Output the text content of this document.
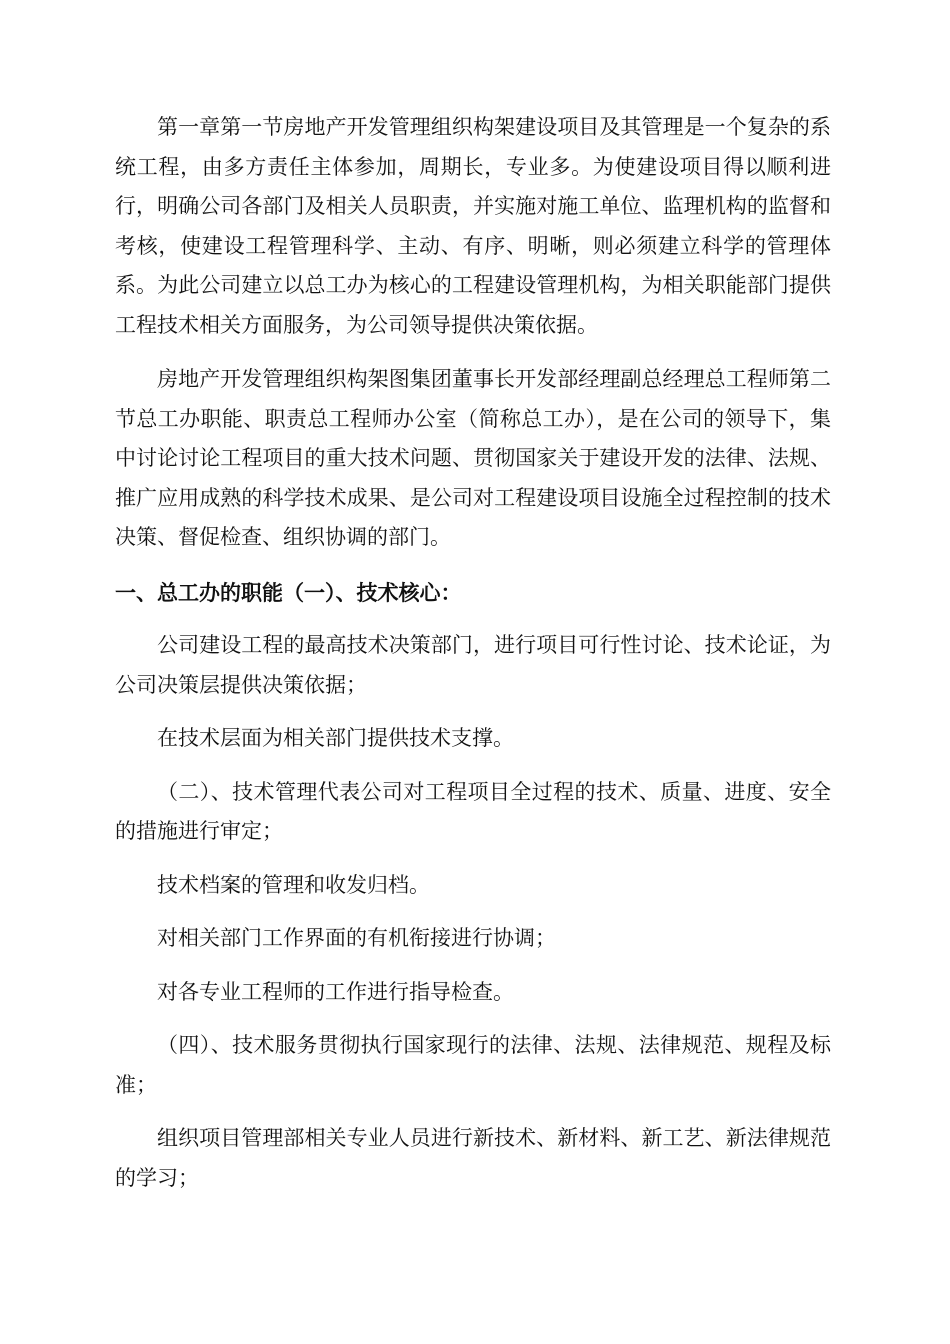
第一章第一节房地产开发管理组织构架建设项目及其管理是一个复杂的系统工程，由多方责任主体参加，周期长，专业多。为使建设项目得以顺利进行，明确公司各部门及相关人员职责，并实施对施工单位、监理机构的监督和考核，使建设工程管理科学、主动、有序、明晰，则必须建立科学的管理体系。为此公司建立以总工办为核心的工程建设管理机构，为相关职能部门提供工程技术相关方面服务，为公司领导提供决策依据。

房地产开发管理组织构架图集团董事长开发部经理副总经理总工程师第二节总工办职能、职责总工程师办公室（简称总工办），是在公司的领导下，集中讨论讨论工程项目的重大技术问题、贯彻国家关于建设开发的法律、法规、推广应用成熟的科学技术成果、是公司对工程建设项目设施全过程控制的技术决策、督促检查、组织协调的部门。

一、总工办的职能（一）、技术核心：

公司建设工程的最高技术决策部门，进行项目可行性讨论、技术论证，为公司决策层提供决策依据；

在技术层面为相关部门提供技术支撑。

（二）、技术管理代表公司对工程项目全过程的技术、质量、进度、安全的措施进行审定；

技术档案的管理和收发归档。

对相关部门工作界面的有机衔接进行协调；

对各专业工程师的工作进行指导检查。

（四）、技术服务贯彻执行国家现行的法律、法规、法律规范、规程及标准；

组织项目管理部相关专业人员进行新技术、新材料、新工艺、新法律规范的学习；
